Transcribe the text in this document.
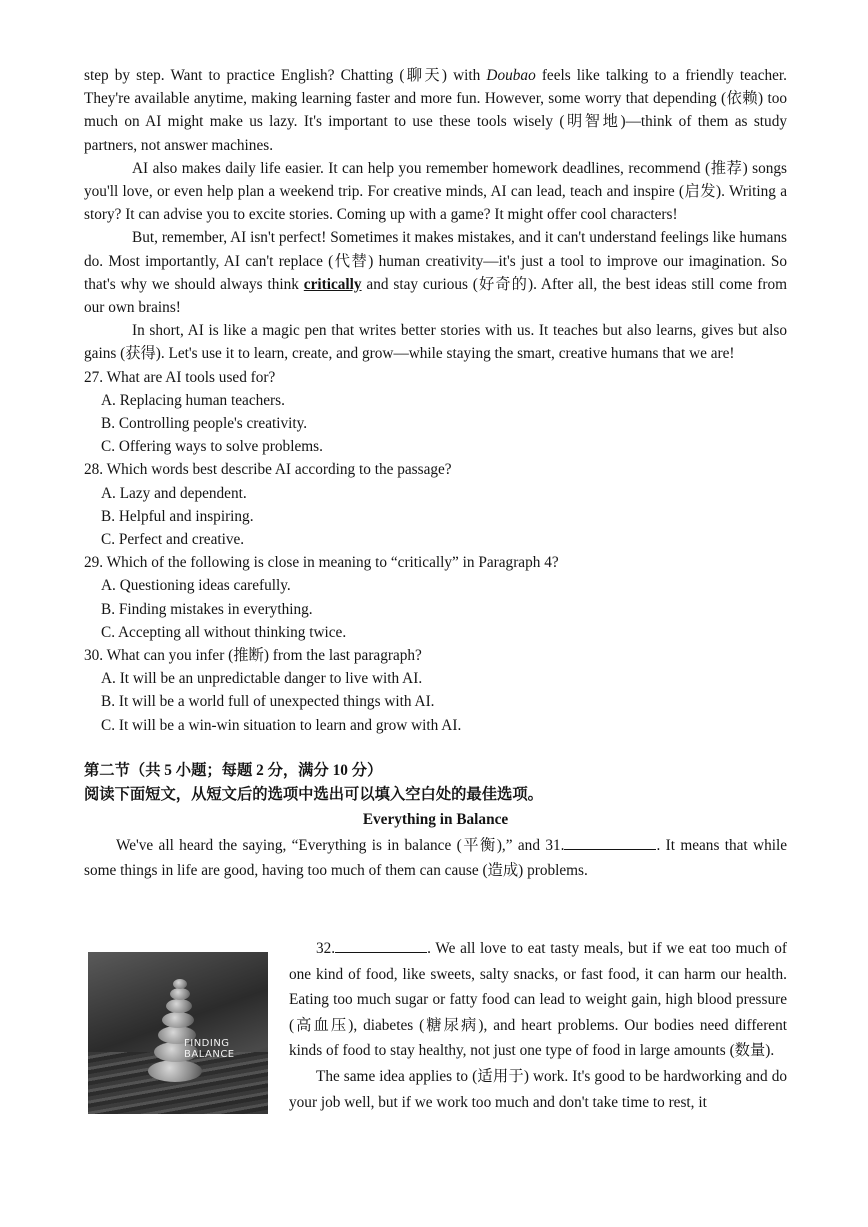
step by step. Want to practice English? Chatting (聊天) with Doubao feels like talking to a friendly teacher. They're available anytime, making learning faster and more fun. However, some worry that depending (依赖) too much on AI might make us lazy. It's important to use these tools wisely (明智地)—think of them as study partners, not answer machines.

AI also makes daily life easier. It can help you remember homework deadlines, recommend (推荐) songs you'll love, or even help plan a weekend trip. For creative minds, AI can lead, teach and inspire (启发). Writing a story? It can advise you to excite stories. Coming up with a game? It might offer cool characters!

But, remember, AI isn't perfect! Sometimes it makes mistakes, and it can't understand feelings like humans do. Most importantly, AI can't replace (代替) human creativity—it's just a tool to improve our imagination. So that's why we should always think critically and stay curious (好奇的). After all, the best ideas still come from our own brains!

In short, AI is like a magic pen that writes better stories with us. It teaches but also learns, gives but also gains (获得). Let's use it to learn, create, and grow—while staying the smart, creative humans that we are!

27. What are AI tools used for?
A. Replacing human teachers.
B. Controlling people's creativity.
C. Offering ways to solve problems.
28. Which words best describe AI according to the passage?
A. Lazy and dependent.
B. Helpful and inspiring.
C. Perfect and creative.
29. Which of the following is close in meaning to “critically” in Paragraph 4?
A. Questioning ideas carefully.
B. Finding mistakes in everything.
C. Accepting all without thinking twice.
30. What can you infer (推断) from the last paragraph?
A. It will be an unpredictable danger to live with AI.
B. It will be a world full of unexpected things with AI.
C. It will be a win-win situation to learn and grow with AI.
第二节（共 5 小题；每题 2 分，满分 10 分）
阅读下面短文，从短文后的选项中选出可以填入空白处的最佳选项。
Everything in Balance

We've all heard the saying, “Everything is in balance (平衡),” and 31.	. It means that while some things in life are good, having too much of them can cause (造成) problems.

FINDING BALANCE

32.	. We all love to eat tasty meals, but if we eat too much of one kind of food, like sweets, salty snacks, or fast food, it can harm our health. Eating too much sugar or fatty food can lead to weight gain, high blood pressure (高血压), diabetes (糖尿病), and heart problems. Our bodies need different kinds of food to stay healthy, not just one type of food in large amounts (数量).

The same idea applies to (适用于) work. It's good to be hardworking and do your job well, but if we work too much and don't take time to rest, it
